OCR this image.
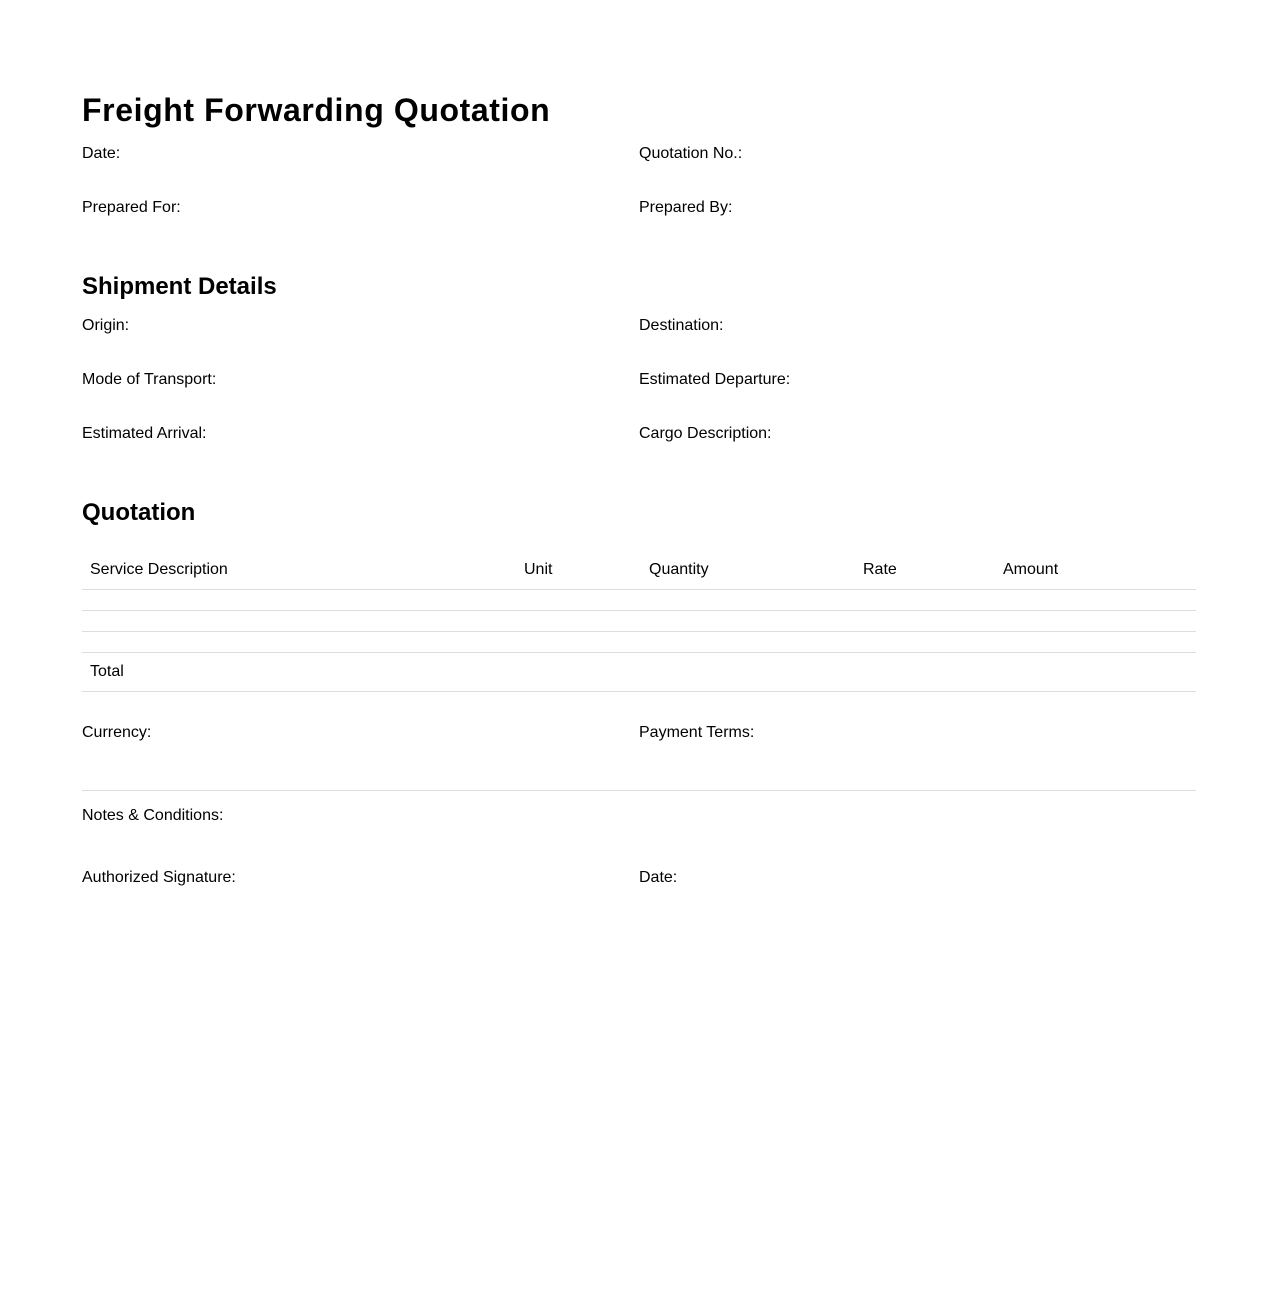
Freight Forwarding Quotation
Date:	Quotation No.:
Prepared For:	Prepared By:
Shipment Details
Origin:	Destination:
Mode of Transport:	Estimated Departure:
Estimated Arrival:	Cargo Description:
Quotation
Service Description	Unit	Quantity	Rate	Amount
Total
Currency:	Payment Terms:
Notes & Conditions:
Authorized Signature:	Date:
